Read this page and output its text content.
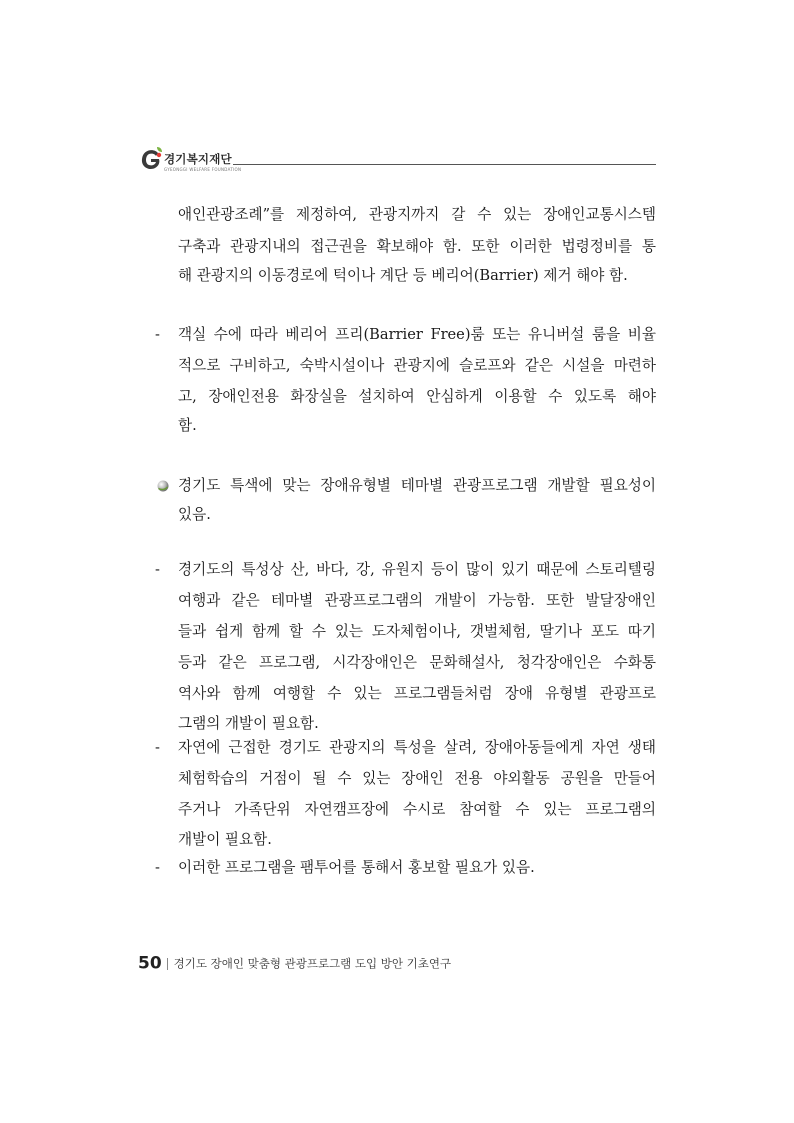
경기복지재단
GYEONGGI WELFARE FOUNDATION
애인관광조례”를 제정하여, 관광지까지 갈 수 있는 장애인교통시스템
구축과 관광지내의 접근권을 확보해야 함. 또한 이러한 법령정비를 통
해 관광지의 이동경로에 턱이나 계단 등 베리어(Barrier) 제거 해야 함.
- 객실 수에 따라 베리어 프리(Barrier Free)룸 또는 유니버설 룸을 비율
적으로 구비하고, 숙박시설이나 관광지에 슬로프와 같은 시설을 마련하
고, 장애인전용 화장실을 설치하여 안심하게 이용할 수 있도록 해야
함.
경기도 특색에 맞는 장애유형별 테마별 관광프로그램 개발할 필요성이
있음.
- 경기도의 특성상 산, 바다, 강, 유원지 등이 많이 있기 때문에 스토리텔링
여행과 같은 테마별 관광프로그램의 개발이 가능함. 또한 발달장애인
들과 쉽게 함께 할 수 있는 도자체험이나, 갯벌체험, 딸기나 포도 따기
등과 같은 프로그램, 시각장애인은 문화해설사, 청각장애인은 수화통
역사와 함께 여행할 수 있는 프로그램들처럼 장애 유형별 관광프로
그램의 개발이 필요함.
- 자연에 근접한 경기도 관광지의 특성을 살려, 장애아동들에게 자연 생태
체험학습의 거점이 될 수 있는 장애인 전용 야외활동 공원을 만들어
주거나 가족단위 자연캠프장에 수시로 참여할 수 있는 프로그램의
개발이 필요함.
- 이러한 프로그램을 팸투어를 통해서 홍보할 필요가 있음.
50 경기도 장애인 맞춤형 관광프로그램 도입 방안 기초연구
